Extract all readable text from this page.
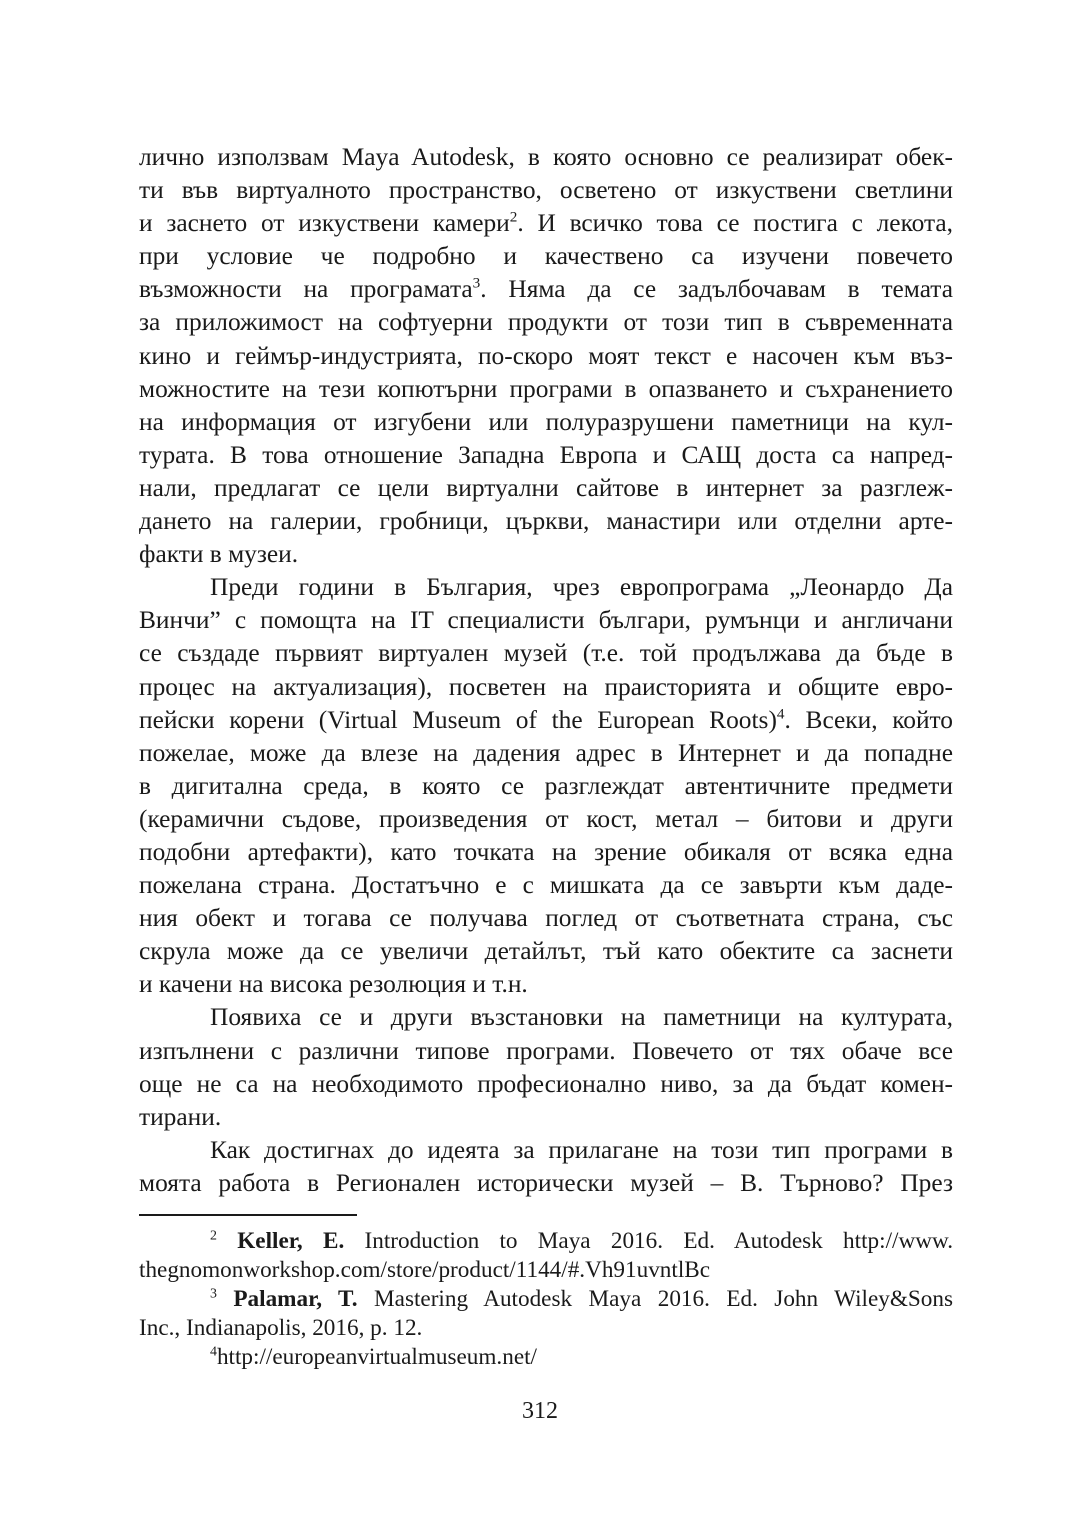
лично използвам Maya Autodesk, в която основно се реализират обек-
ти във виртуалното пространство, осветено от изкуствени светлини
и заснето от изкуствени камери$^2$. И всичко това се постига с лекота,
при условие че подробно и качествено са изучени повечето
възможности на програмата$^3$. Няма да се задълбочавам в темата
за приложимост на софтуерни продукти от този тип в съвременната
кино и геймър-индустрията, по-скоро моят текст е насочен към въз-
можностите на тези копютърни програми в опазването и съхранението
на информация от изгубени или полуразрушени паметници на кул-
турата. В това отношение Западна Европа и САЩ доста са напред-
нали, предлагат се цели виртуални сайтове в интернет за разглеж-
дането на галерии, гробници, църкви, манастири или отделни арте-
факти в музеи.
Преди години в България, чрез европрограма „Леонардо Да
Винчи” с помощта на IT специалисти българи, румънци и англичани
се създаде първият виртуален музей (т.е. той продължава да бъде в
процес на актуализация), посветен на праисторията и общите евро-
пейски корени (Virtual Museum of the European Roots)$^4$. Всеки, който
пожелае, може да влезе на дадения адрес в Интернет и да попадне
в дигитална среда, в която се разглеждат автентичните предмети
(керамични съдове, произведения от кост, метал – битови и други
подобни артефакти), като точката на зрение обикаля от всяка една
пожелана страна. Достатъчно е с мишката да се завърти към даде-
ния обект и тогава се получава поглед от съответната страна, със
скрула може да се увеличи детайлът, тъй като обектите са заснети
и качени на висока резолюция и т.н.
Появиха се и други възстановки на паметници на културата,
изпълнени с различни типове програми. Повечето от тях обаче все
още не са на необходимото професионално ниво, за да бъдат комен-
тирани.
Как достигнах до идеята за прилагане на този тип програми в
моята работа в Регионален исторически музей – В. Търново? През
$^2$ Keller, E. Introduction to Maya 2016. Ed. Autodesk http://www.
thegnomonworkshop.com/store/product/1144/#.Vh91uvntlBc
$^3$ Palamar, T. Mastering Autodesk Maya 2016. Ed. John Wiley&Sons
Inc., Indianapolis, 2016, p. 12.
$^4$http://europeanvirtualmuseum.net/
312
